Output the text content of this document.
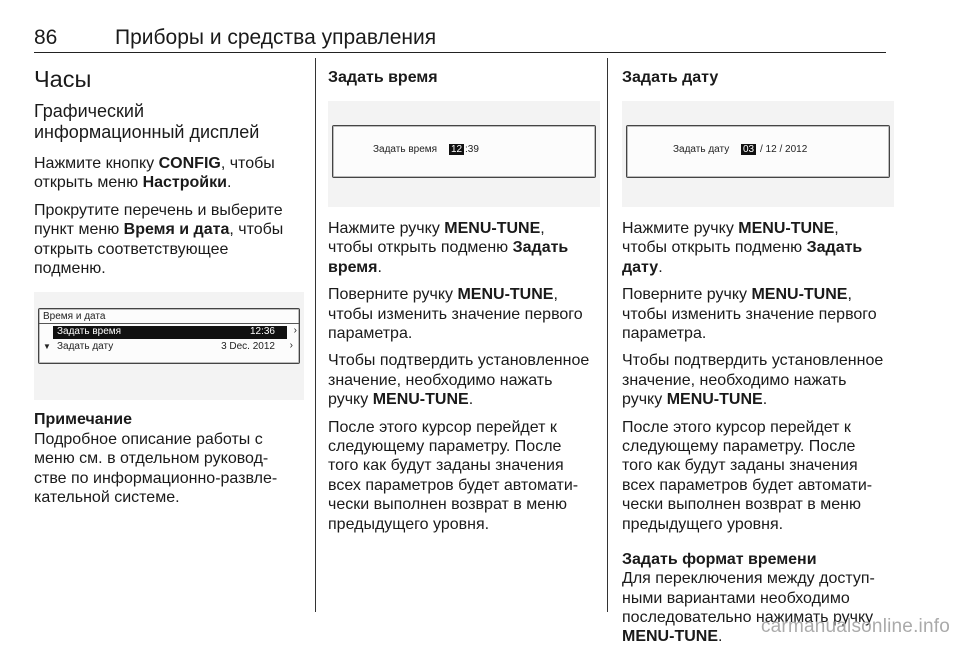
86	Приборы и средства управления
Часы
Графический
информационный дисплей

Нажмите кнопку CONFIG, чтобы
открыть меню Настройки.

Прокрутите перечень и выберите
пункт меню Время и дата, чтобы
открыть соответствующее
подменю.

Время и дата
Задать время	12:36 ›
▼ Задать дату	3 Dec. 2012 ›

Примечание

Подробное описание работы с
меню см. в отдельном руковод-
стве по информационно-развле-
кательной системе.

Задать время

Задать время 12 :39

Нажмите ручку MENU-TUNE,
чтобы открыть подменю Задать
время.

Поверните ручку MENU-TUNE,
чтобы изменить значение первого
параметра.

Чтобы подтвердить установленное
значение, необходимо нажать
ручку MENU-TUNE.

После этого курсор перейдет к
следующему параметру. После
того как будут заданы значения
всех параметров будет автомати-
чески выполнен возврат в меню
предыдущего уровня.

Задать дату

Задать дату 03 / 12 / 2012

Нажмите ручку MENU-TUNE,
чтобы открыть подменю Задать
дату.

Поверните ручку MENU-TUNE,
чтобы изменить значение первого
параметра.

Чтобы подтвердить установленное
значение, необходимо нажать
ручку MENU-TUNE.

После этого курсор перейдет к
следующему параметру. После
того как будут заданы значения
всех параметров будет автомати-
чески выполнен возврат в меню
предыдущего уровня.

Задать формат времени

Для переключения между доступ-
ными вариантами необходимо
последовательно нажимать ручку
MENU-TUNE.	carmanualsonline.info
